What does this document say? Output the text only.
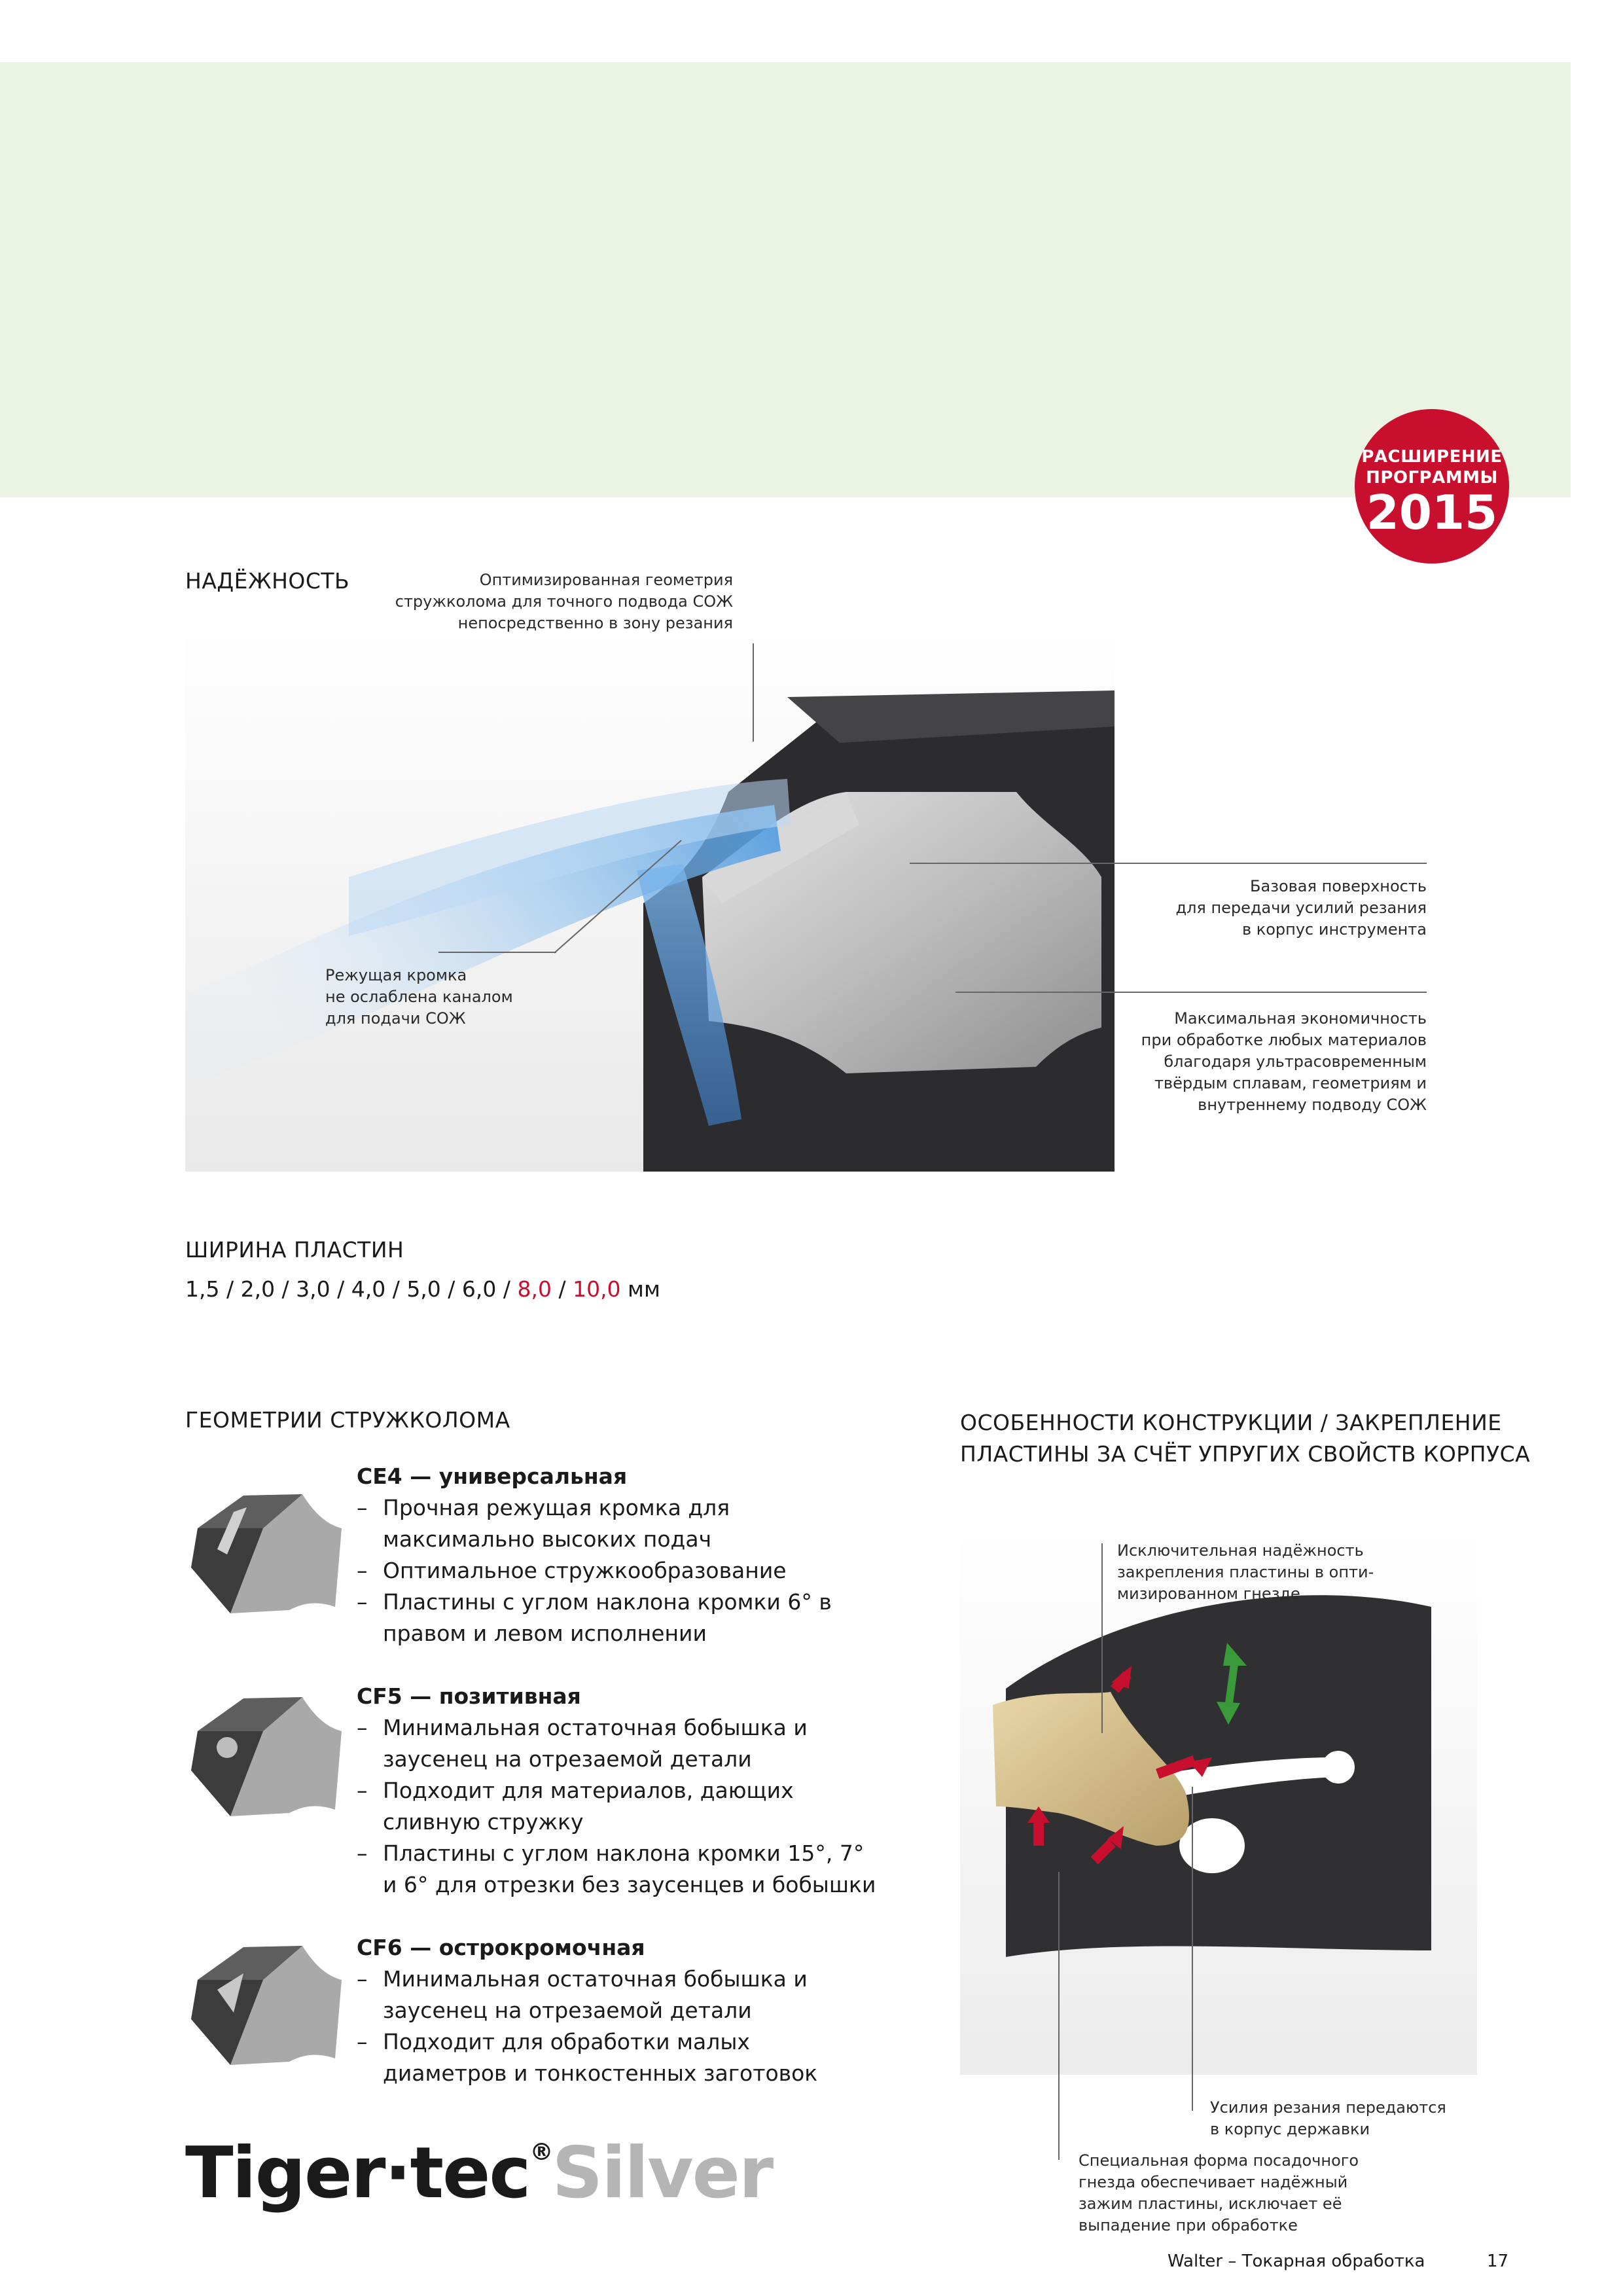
РАСШИРЕНИЕ
ПРОГРАММЫ
2015
НАДЁЖНОСТЬ	Оптимизированная геометрия
стружколома для точного подвода СОЖ
непосредственно в зону резания
Режущая кромка
не ослаблена каналом
для подачи СОЖ
Базовая поверхность
для передачи усилий резания
в корпус инструмента
Максимальная экономичность
при обработке любых материалов
благодаря ультрасовременным
твёрдым сплавам, геометриям и
внутреннему подводу СОЖ
ШИРИНА ПЛАСТИН
1,5 / 2,0 / 3,0 / 4,0 / 5,0 / 6,0 / 8,0 / 10,0 мм
ГЕОМЕТРИИ СТРУЖКОЛОМА
CE4 — универсальная
– Прочная режущая кромка для максимально высоких подач
– Оптимальное стружкообразование
– Пластины с углом наклона кромки 6° в правом и левом исполнении
CF5 — позитивная
– Минимальная остаточная бобышка и заусенец на отрезаемой детали
– Подходит для материалов, дающих сливную стружку
– Пластины с углом наклона кромки 15°, 7° и 6° для отрезки без заусенцев и бобышки
CF6 — острокромочная
– Минимальная остаточная бобышка и заусенец на отрезаемой детали
– Подходит для обработки малых диаметров и тонкостенных заготовок
ОСОБЕННОСТИ КОНСТРУКЦИИ / ЗАКРЕПЛЕНИЕ
ПЛАСТИНЫ ЗА СЧЁТ УПРУГИХ СВОЙСТВ КОРПУСА
Исключительная надёжность
закрепления пластины в опти-
мизированном гнезде
Усилия резания передаются
в корпус державки
Специальная форма посадочного
гнезда обеспечивает надёжный
зажим пластины, исключает её
выпадение при обработке
Tiger·tec®Silver
Walter – Токарная обработка	17
